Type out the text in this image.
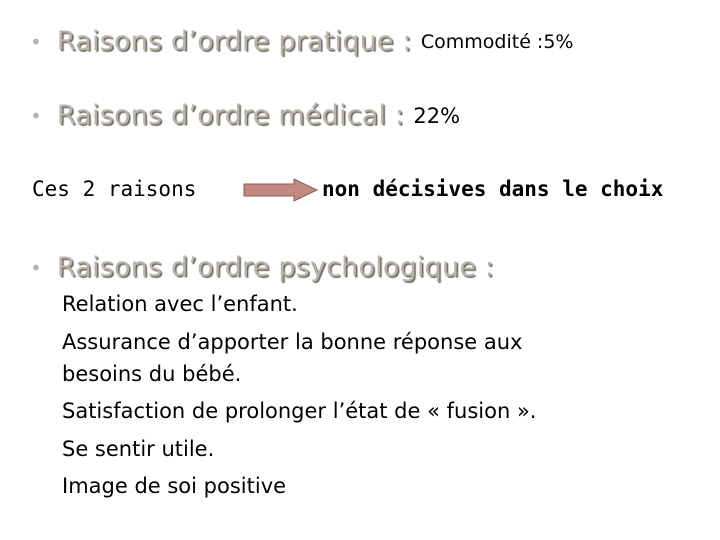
• Raisons d’ordre pratique : Commodité :5%
• Raisons d’ordre médical : 22%
Ces 2 raisons	non décisives dans le choix
• Raisons d’ordre psychologique :
Relation avec l’enfant.
Assurance d’apporter la bonne réponse aux
besoins du bébé.
Satisfaction de prolonger l’état de « fusion ».
Se sentir utile.
Image de soi positive
